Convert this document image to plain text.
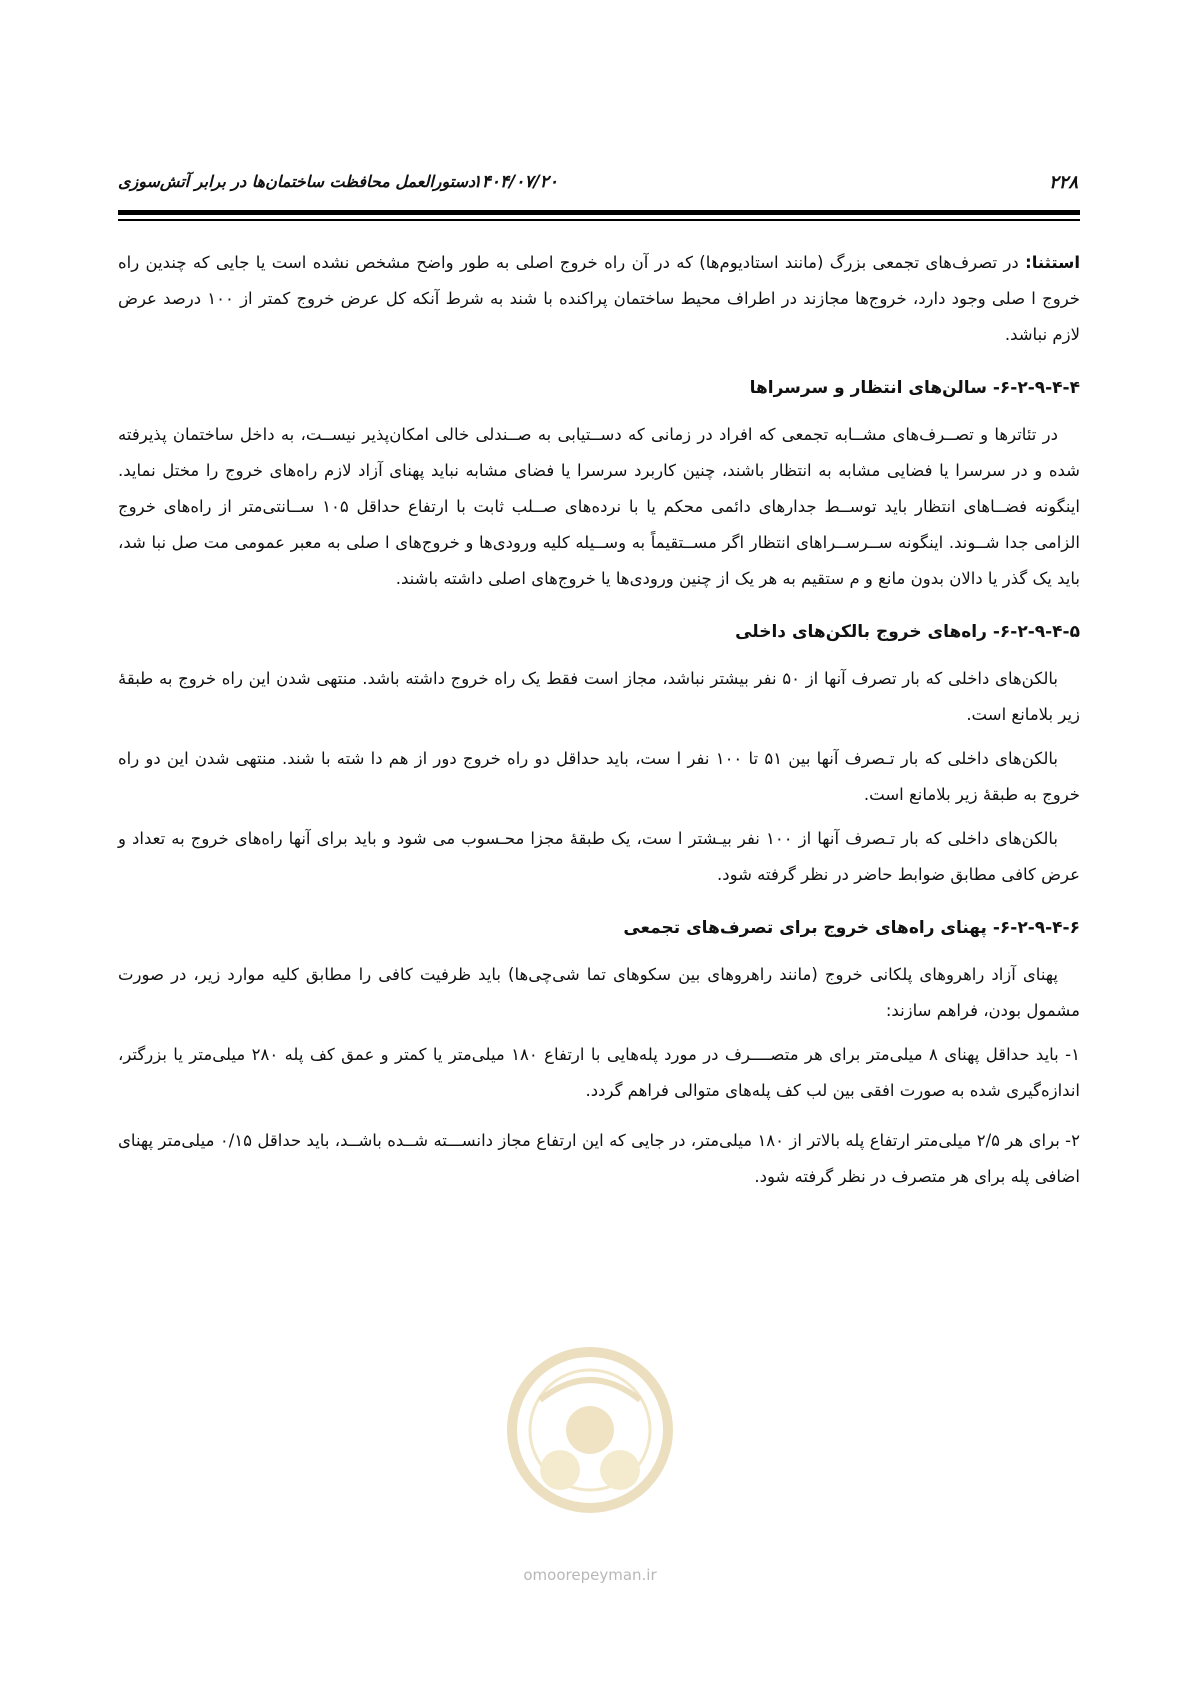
۲۲۸
۱۴۰۴/۰۷/۲۰
دستورالعمل محافظت ساختمان‌ها در برابر آتش‌سوزی

استثنا: در تصرف‌های تجمعی بزرگ (مانند استادیوم‌ها) که در آن راه خروج اصلی به طور واضح مشخص نشده است یا جایی که چندین راه خروج ا صلی وجود دارد، خروج‌ها مجازند در اطراف محیط ساختمان پراکنده با شند به شرط آنکه کل عرض خروج کمتر از ۱۰۰ درصد عرض لازم نباشد.

۶-۲-۹-۴-۴- سالن‌های انتظار و سرسراها

در تئاترها و تصــرف‌های مشــابه تجمعی که افراد در زمانی که دســتیابی به صــندلی خالی امکان‌پذیر نیســت، به داخل ساختمان پذیرفته شده و در سرسرا یا فضایی مشابه به انتظار باشند، چنین کاربرد سرسرا یا فضای مشابه نباید پهنای آزاد لازم راه‌های خروج را مختل نماید. اینگونه فضــاهای انتظار باید توســط جدارهای دائمی محکم یا با نرده‌های صــلب ثابت با ارتفاع حداقل ۱۰۵ ســانتی‌متر از راه‌های خروج الزامی جدا شــوند. اینگونه ســرســراهای انتظار اگر مســتقیماً به وســیله کلیه ورودی‌ها و خروج‌های ا صلی به معبر عمومی مت صل نبا شد، باید یک گذر یا دالان بدون مانع و م ستقیم به هر یک از چنین ورودی‌ها یا خروج‌های اصلی داشته باشند.

۶-۲-۹-۴-۵- راه‌های خروج بالکن‌های داخلی

بالکن‌های داخلی که بار تصرف آنها از ۵۰ نفر بیشتر نباشد، مجاز است فقط یک راه خروج داشته باشد. منتهی شدن این راه خروج به طبقهٔ زیر بلامانع است.

بالکن‌های داخلی که بار تـصرف آنها بین ۵۱ تا ۱۰۰ نفر ا ست، باید حداقل دو راه خروج دور از هم دا شته با شند. منتهی شدن این دو راه خروج به طبقهٔ زیر بلامانع است.

بالکن‌های داخلی که بار تـصرف آنها از ۱۰۰ نفر بیـشتر ا ست، یک طبقهٔ مجزا محـسوب می شود و باید برای آنها راه‌های خروج به تعداد و عرض کافی مطابق ضوابط حاضر در نظر گرفته شود.

۶-۲-۹-۴-۶- پهنای راه‌های خروج برای تصرف‌های تجمعی

پهنای آزاد راهروهای پلکانی خروج (مانند راهروهای بین سکوهای تما شی‌چی‌ها) باید ظرفیت کافی را مطابق کلیه موارد زیر، در صورت مشمول بودن، فراهم سازند:

۱- باید حداقل پهنای ۸ میلی‌متر برای هر متصــــرف در مورد پله‌هایی با ارتفاع ۱۸۰ میلی‌متر یا کمتر و عمق کف پله ۲۸۰ میلی‌متر یا بزرگتر، اندازه‌گیری شده به صورت افقی بین لب کف پله‌های متوالی فراهم گردد.

۲- برای هر ۲/۵ میلی‌متر ارتفاع پله بالاتر از ۱۸۰ میلی‌متر، در جایی که این ارتفاع مجاز دانســـته شــده باشــد، باید حداقل ۰/۱۵ میلی‌متر پهنای اضافی پله برای هر متصرف در نظر گرفته شود.

omoorepeyman.ir
